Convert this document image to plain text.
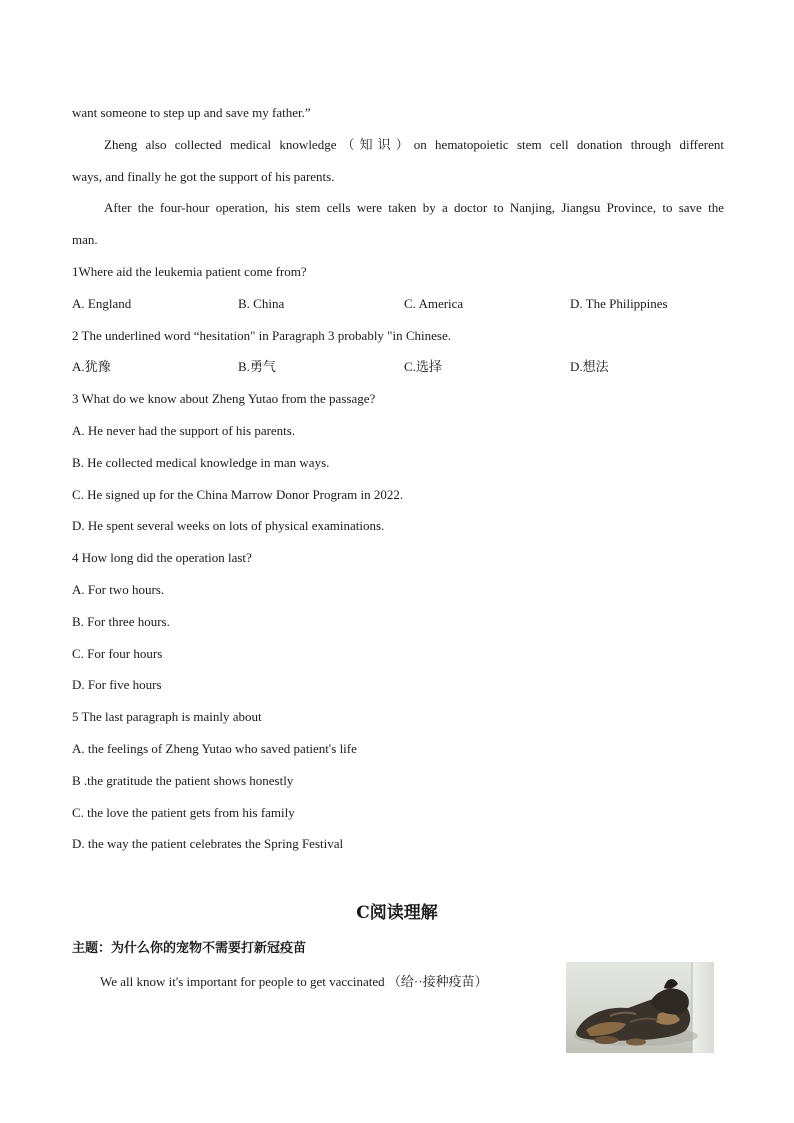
want someone to step up and save my father.”
Zheng also collected medical knowledge（知识）on hematopoietic stem cell donation through different
ways, and finally he got the support of his parents.
After the four-hour operation, his stem cells were taken by a doctor to Nanjing, Jiangsu Province, to save the
man.
1Where aid the leukemia patient come from?
A. England	B. China	C. America	D. The Philippines
2 The underlined word “hesitation" in Paragraph 3 probably "in Chinese.
A.犹豫	B.勇气	C.选择	D.想法
3 What do we know about Zheng Yutao from the passage?
A. He never had the support of his parents.
B. He collected medical knowledge in man ways.
C. He signed up for the China Marrow Donor Program in 2022.
D. He spent several weeks on lots of physical examinations.
4 How long did the operation last?
A. For two hours.
B. For three hours.
C. For four hours
D. For five hours
5 The last paragraph is mainly about
A. the feelings of Zheng Yutao who saved patient's life
B .the gratitude the patient shows honestly
C. the love the patient gets from his family
D. the way the patient celebrates the Spring Festival
C阅读理解
主题：为什么你的宠物不需要打新冠疫苗
We all know it's important for people to get vaccinated （给··接种疫苗）
